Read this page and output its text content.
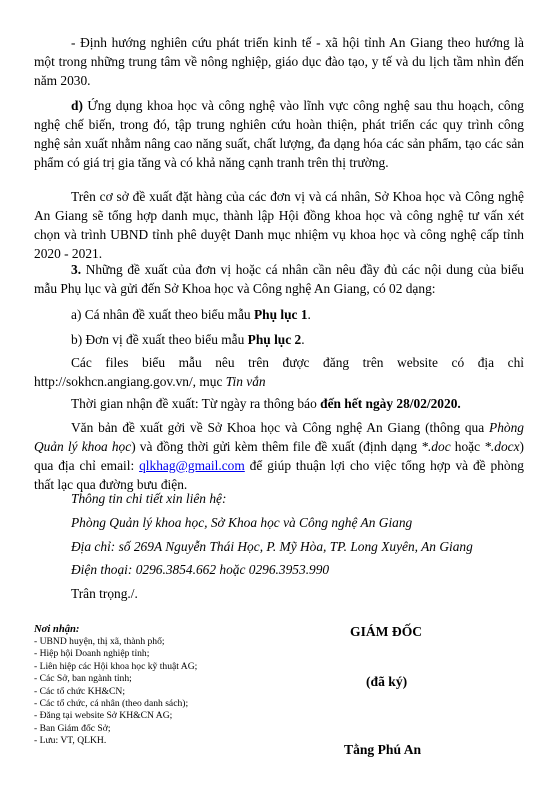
- Định hướng nghiên cứu phát triển kinh tế - xã hội tỉnh An Giang theo hướng là một trong những trung tâm về nông nghiệp, giáo dục đào tạo, y tế và du lịch tầm nhìn đến năm 2030.

d) Ứng dụng khoa học và công nghệ vào lĩnh vực công nghệ sau thu hoạch, công nghệ chế biến, trong đó, tập trung nghiên cứu hoàn thiện, phát triển các quy trình công nghệ sản xuất nhằm nâng cao năng suất, chất lượng, đa dạng hóa các sản phẩm, tạo các sản phẩm có giá trị gia tăng và có khả năng cạnh tranh trên thị trường.

Trên cơ sở đề xuất đặt hàng của các đơn vị và cá nhân, Sở Khoa học và Công nghệ An Giang sẽ tổng hợp danh mục, thành lập Hội đồng khoa học và công nghệ tư vấn xét chọn và trình UBND tỉnh phê duyệt Danh mục nhiệm vụ khoa học và công nghệ cấp tỉnh 2020 - 2021.

3. Những đề xuất của đơn vị hoặc cá nhân cần nêu đầy đủ các nội dung của biểu mẫu Phụ lục và gửi đến Sở Khoa học và Công nghệ An Giang, có 02 dạng:

a) Cá nhân đề xuất theo biểu mẫu Phụ lục 1.

b) Đơn vị đề xuất theo biểu mẫu Phụ lục 2.

Các files biểu mẫu nêu trên được đăng trên website có địa chỉ http://sokhcn.angiang.gov.vn/, mục Tin vắn

Thời gian nhận đề xuất: Từ ngày ra thông báo đến hết ngày 28/02/2020.

Văn bản đề xuất gởi về Sở Khoa học và Công nghệ An Giang (thông qua Phòng Quản lý khoa học) và đồng thời gửi kèm thêm file đề xuất (định dạng *.doc hoặc *.docx) qua địa chỉ email: qlkhag@gmail.com để giúp thuận lợi cho việc tổng hợp và đề phòng thất lạc qua đường bưu điện.

Thông tin chi tiết xin liên hệ:

Phòng Quản lý khoa học, Sở Khoa học và Công nghệ An Giang

Địa chỉ: số 269A Nguyễn Thái Học, P. Mỹ Hòa, TP. Long Xuyên, An Giang

Điện thoại: 0296.3854.662 hoặc 0296.3953.990

Trân trọng./.

Nơi nhận:
- UBND huyện, thị xã, thành phố;
- Hiệp hội Doanh nghiệp tỉnh;
- Liên hiệp các Hội khoa học kỹ thuật AG;
- Các Sở, ban ngành tỉnh;
- Các tổ chức KH&CN;
- Các tổ chức, cá nhân (theo danh sách);
- Đăng tại website Sở KH&CN AG;
- Ban Giám đốc Sở;
- Lưu: VT, QLKH.
GIÁM ĐỐC
(đã ký)
Tằng Phú An
